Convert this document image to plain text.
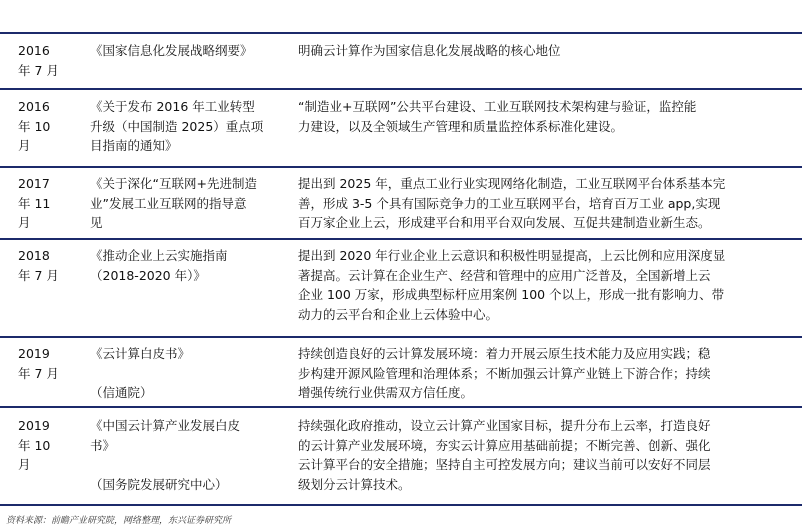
2016
年 7 月
《国家信息化发展战略纲要》	明确云计算作为国家信息化发展战略的核心地位
2016
年 10
月
《关于发布 2016 年工业转型
升级（中国制造 2025）重点项
目指南的通知》
“制造业+互联网”公共平台建设、工业互联网技术架构建与验证，监控能
力建设，以及全领域生产管理和质量监控体系标准化建设。
2017
年 11
月
《关于深化“互联网+先进制造
业”发展工业互联网的指导意
见
提出到 2025 年，重点工业行业实现网络化制造，工业互联网平台体系基本完
善，形成 3-5 个具有国际竞争力的工业互联网平台，培育百万工业 app,实现
百万家企业上云，形成建平台和用平台双向发展、互促共建制造业新生态。
2018
年 7 月
《推动企业上云实施指南
（2018-2020 年）》
提出到 2020 年行业企业上云意识和积极性明显提高，上云比例和应用深度显
著提高。云计算在企业生产、经营和管理中的应用广泛普及，全国新增上云
企业 100 万家，形成典型标杆应用案例 100 个以上，形成一批有影响力、带
动力的云平台和企业上云体验中心。
2019
年 7 月
《云计算白皮书》

（信通院）
持续创造良好的云计算发展环境：着力开展云原生技术能力及应用实践；稳
步构建开源风险管理和治理体系；不断加强云计算产业链上下游合作；持续
增强传统行业供需双方信任度。
2019
年 10
月
《中国云计算产业发展白皮
书》

（国务院发展研究中心）
持续强化政府推动，设立云计算产业国家目标，提升分布上云率，打造良好
的云计算产业发展环境，夯实云计算应用基础前提；不断完善、创新、强化
云计算平台的安全措施；坚持自主可控发展方向；建议当前可以安好不同层
级划分云计算技术。
资料来源：前瞻产业研究院，网络整理，东兴证券研究所
